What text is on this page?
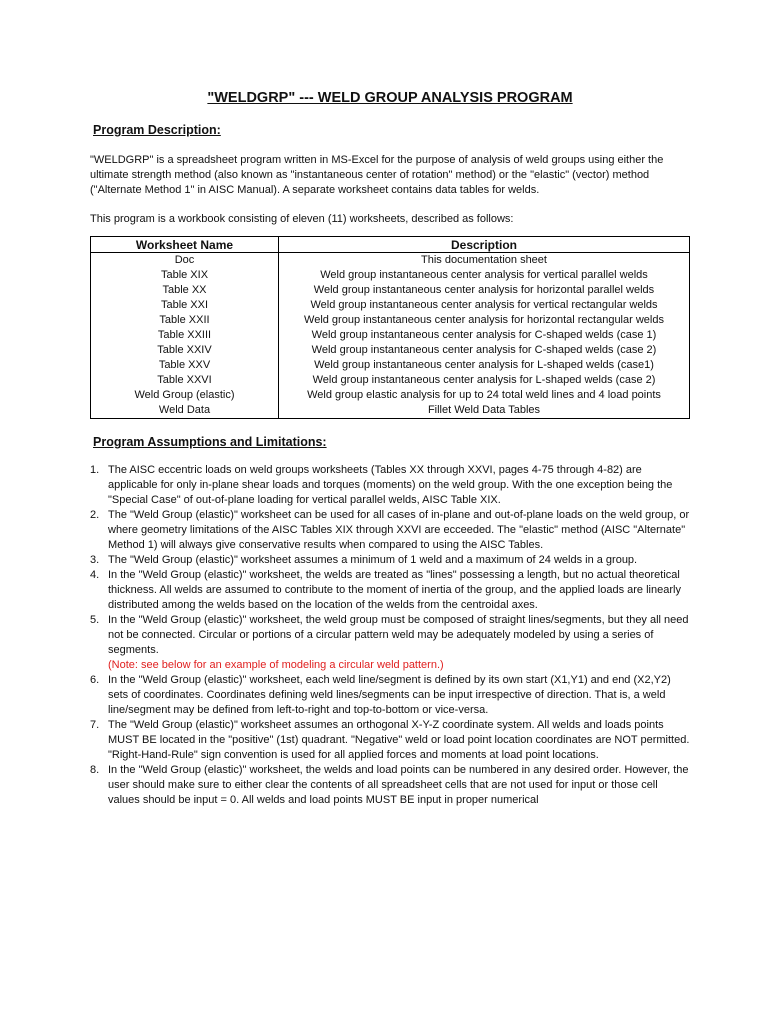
"WELDGRP" --- WELD GROUP ANALYSIS PROGRAM
Program Description:

"WELDGRP" is a spreadsheet program written in MS-Excel for the purpose of analysis of weld groups using either the ultimate strength method (also known as "instantaneous center of rotation" method) or the "elastic" (vector) method ("Alternate Method 1" in AISC Manual). A separate worksheet contains data tables for welds.

This program is a workbook consisting of eleven (11) worksheets, described as follows:

Worksheet Name	Description
Doc	This documentation sheet
Table XIX	Weld group instantaneous center analysis for vertical parallel welds
Table XX	Weld group instantaneous center analysis for horizontal parallel welds
Table XXI	Weld group instantaneous center analysis for vertical rectangular welds
Table XXII	Weld group instantaneous center analysis for horizontal rectangular welds
Table XXIII	Weld group instantaneous center analysis for C-shaped welds (case 1)
Table XXIV	Weld group instantaneous center analysis for C-shaped welds (case 2)
Table XXV	Weld group instantaneous center analysis for L-shaped welds (case1)
Table XXVI	Weld group instantaneous center analysis for L-shaped welds (case 2)
Weld Group (elastic)	Weld group elastic analysis for up to 24 total weld lines and 4 load points
Weld Data	Fillet Weld Data Tables
Program Assumptions and Limitations:
1. The AISC eccentric loads on weld groups worksheets (Tables XX through XXVI, pages 4-75 through 4-82) are applicable for only in-plane shear loads and torques (moments) on the weld group. With the one exception being the "Special Case" of out-of-plane loading for vertical parallel welds, AISC Table XIX.
2. The "Weld Group (elastic)" worksheet can be used for all cases of in-plane and out-of-plane loads on the weld group, or where geometry limitations of the AISC Tables XIX through XXVI are ecceeded. The "elastic" method (AISC "Alternate" Method 1) will always give conservative results when compared to using the AISC Tables.
3. The "Weld Group (elastic)" worksheet assumes a minimum of 1 weld and a maximum of 24 welds in a group.
4. In the "Weld Group (elastic)" worksheet, the welds are treated as "lines" possessing a length, but no actual theoretical thickness. All welds are assumed to contribute to the moment of inertia of the group, and the applied loads are linearly distributed among the welds based on the location of the welds from the centroidal axes.
5. In the "Weld Group (elastic)" worksheet, the weld group must be composed of straight lines/segments, but they all need not be connected. Circular or portions of a circular pattern weld may be adequately modeled by using a series of segments.
(Note: see below for an example of modeling a circular weld pattern.)
6. In the "Weld Group (elastic)" worksheet, each weld line/segment is defined by its own start (X1,Y1) and end (X2,Y2) sets of coordinates. Coordinates defining weld lines/segments can be input irrespective of direction. That is, a weld line/segment may be defined from left-to-right and top-to-bottom or vice-versa.
7. The "Weld Group (elastic)" worksheet assumes an orthogonal X-Y-Z coordinate system. All welds and loads points MUST BE located in the "positive" (1st) quadrant. "Negative" weld or load point location coordinates are NOT permitted. "Right-Hand-Rule" sign convention is used for all applied forces and moments at load point locations.
8. In the "Weld Group (elastic)" worksheet, the welds and load points can be numbered in any desired order. However, the user should make sure to either clear the contents of all spreadsheet cells that are not used for input or those cell values should be input = 0. All welds and load points MUST BE input in proper numerical
